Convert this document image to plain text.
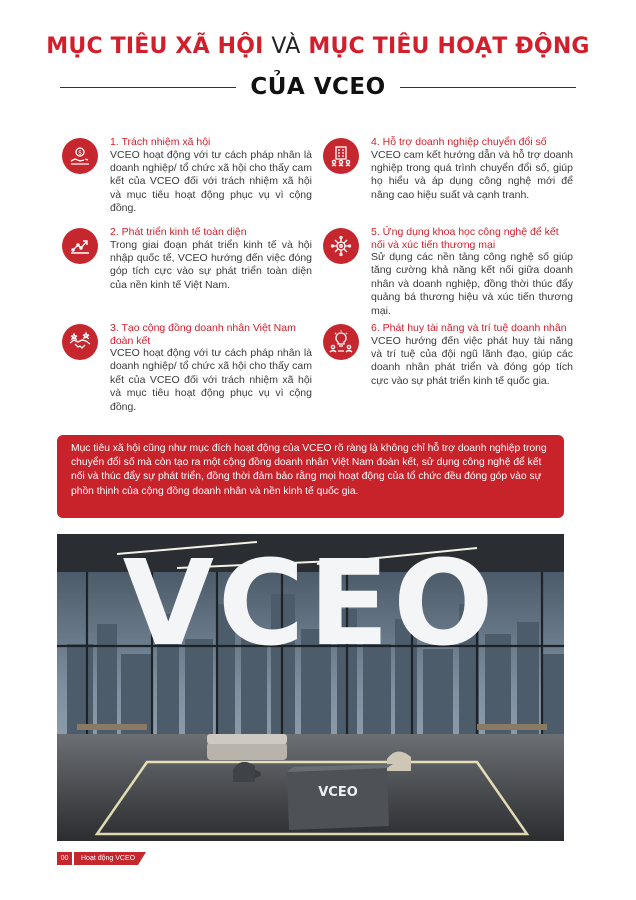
MỤC TIÊU XÃ HỘI VÀ MỤC TIÊU HOẠT ĐỘNG
CỦA VCEO
$
1. Trách nhiệm xã hội
VCEO hoạt động với tư cách pháp nhân là doanh nghiệp/ tổ chức xã hội cho thấy cam kết của VCEO đối với trách nhiệm xã hội và mục tiêu hoạt động phục vụ vì cộng đồng.
2. Phát triển kinh tế toàn diện
Trong giai đoạn phát triển kinh tế và hội nhập quốc tế, VCEO hướng đến việc đóng góp tích cực vào sự phát triển toàn diện của nền kinh tế Việt Nam.
3. Tạo cộng đồng doanh nhân Việt Nam đoàn kết
VCEO hoạt động với tư cách pháp nhân là doanh nghiệp/ tổ chức xã hội cho thấy cam kết của VCEO đối với trách nhiệm xã hội và mục tiêu hoạt động phục vụ vì cộng đồng.
4. Hỗ trợ doanh nghiệp chuyển đổi số
VCEO cam kết hướng dẫn và hỗ trợ doanh nghiệp trong quá trình chuyển đổi số, giúp họ hiểu và áp dụng công nghệ mới để nâng cao hiệu suất và cạnh tranh.
5. Ứng dụng khoa học công nghệ để kết nối và xúc tiến thương mại
Sử dụng các nền tảng công nghệ số giúp tăng cường khả năng kết nối giữa doanh nhân và doanh nghiệp, đồng thời thúc đẩy quảng bá thương hiệu và xúc tiến thương mại.
6. Phát huy tài năng và trí tuệ doanh nhân
VCEO hướng đến việc phát huy tài năng và trí tuệ của đội ngũ lãnh đạo, giúp các doanh nhân phát triển và đóng góp tích cực vào sự phát triển kinh tế quốc gia.
Mục tiêu xã hội cũng như mục đích hoạt động của VCEO rõ ràng là không chỉ hỗ trợ doanh nghiệp trong chuyển đổi số mà còn tạo ra một cộng đồng doanh nhân Việt Nam đoàn kết, sử dụng công nghệ để kết nối và thúc đẩy sự phát triển, đồng thời đảm bảo rằng mọi hoạt động của tổ chức đều đóng góp vào sự phồn thịnh của cộng đồng doanh nhân và nền kinh tế quốc gia.
VCEO
VCEO
00	Hoạt động VCEO
